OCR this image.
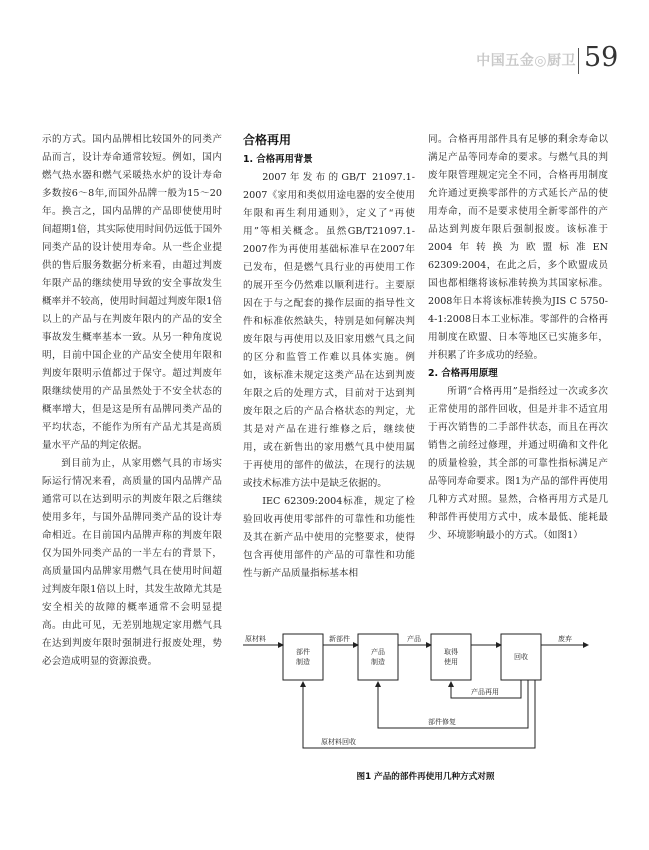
中国五金◎厨卫 59

示的方式。国内品牌相比较国外的同类产品而言，设计寿命通常较短。例如，国内燃气热水器和燃气采暖热水炉的设计寿命多数按6～8年,而国外品牌一般为15～20年。换言之，国内品牌的产品即使使用时间超期1倍，其实际使用时间仍远低于国外同类产品的设计使用寿命。从一些企业提供的售后服务数据分析来看，由超过判废年限产品的继续使用导致的安全事故发生概率并不较高，使用时间超过判废年限1倍以上的产品与在判废年限内的产品的安全事故发生概率基本一致。从另一种角度说明，目前中国企业的产品安全使用年限和判废年限明示值都过于保守。超过判废年限继续使用的产品虽然处于不安全状态的概率增大，但是这是所有品牌同类产品的平均状态，不能作为所有产品尤其是高质量水平产品的判定依据。

到目前为止，从家用燃气具的市场实际运行情况来看，高质量的国内品牌产品通常可以在达到明示的判废年限之后继续使用多年，与国外品牌同类产品的设计寿命相近。在目前国内品牌声称的判废年限仅为国外同类产品的一半左右的背景下，高质量国内品牌家用燃气具在使用时间超过判废年限1倍以上时，其发生故障尤其是安全相关的故障的概率通常不会明显提高。由此可见，无差别地规定家用燃气具在达到判废年限时强制进行报废处理，势必会造成明显的资源浪费。

合格再用
1. 合格再用背景

2007年发布的GB/T 21097.1-2007《家用和类似用途电器的安全使用年限和再生利用通则》，定义了“再使用”等相关概念。虽然GB/T21097.1-2007作为再使用基础标准早在2007年已发布，但是燃气具行业的再使用工作的展开至今仍然难以顺利进行。主要原因在于与之配套的操作层面的指导性文件和标准依然缺失，特别是如何解决判废年限与再使用以及旧家用燃气具之间的区分和监管工作难以具体实施。例如，该标准未规定这类产品在达到判废年限之后的处理方式，目前对于达到判废年限之后的产品合格状态的判定，尤其是对产品在进行维修之后，继续使用，或在新售出的家用燃气具中使用属于再使用的部件的做法，在现行的法规或技术标准方法中是缺乏依据的。

IEC 62309:2004标准，规定了检验回收再使用零部件的可靠性和功能性及其在新产品中使用的完整要求，使得包含再使用部件的产品的可靠性和功能性与新产品质量指标基本相

同。合格再用部件具有足够的剩余寿命以满足产品等同寿命的要求。与燃气具的判废年限管理规定完全不同，合格再用制度允许通过更换零部件的方式延长产品的使用寿命，而不是要求使用全新零部件的产品达到判废年限后强制报废。该标准于2004年转换为欧盟标准EN 62309:2004，在此之后，多个欧盟成员国也都相继将该标准转换为其国家标准。2008年日本将该标准转换为JIS C 5750-4-1:2008日本工业标准。零部件的合格再用制度在欧盟、日本等地区已实施多年，并积累了许多成功的经验。

2. 合格再用原理

所谓“合格再用”是指经过一次或多次正常使用的部件回收，但是并非不适宜用于再次销售的二手部件状态，而且在再次销售之前经过修理，并通过明确和文件化的质量检验，其全部的可靠性指标满足产品等同寿命要求。图1为产品的部件再使用几种方式对照。显然，合格再用方式是几种部件再使用方式中，成本最低、能耗最少、环境影响最小的方式。（如图1）

原材料
部件
制造
新部件
产品
制造
产品
取得
使用
回收
废弃
产品再用
部件修复
原材料回收
图1 产品的部件再使用几种方式对照
